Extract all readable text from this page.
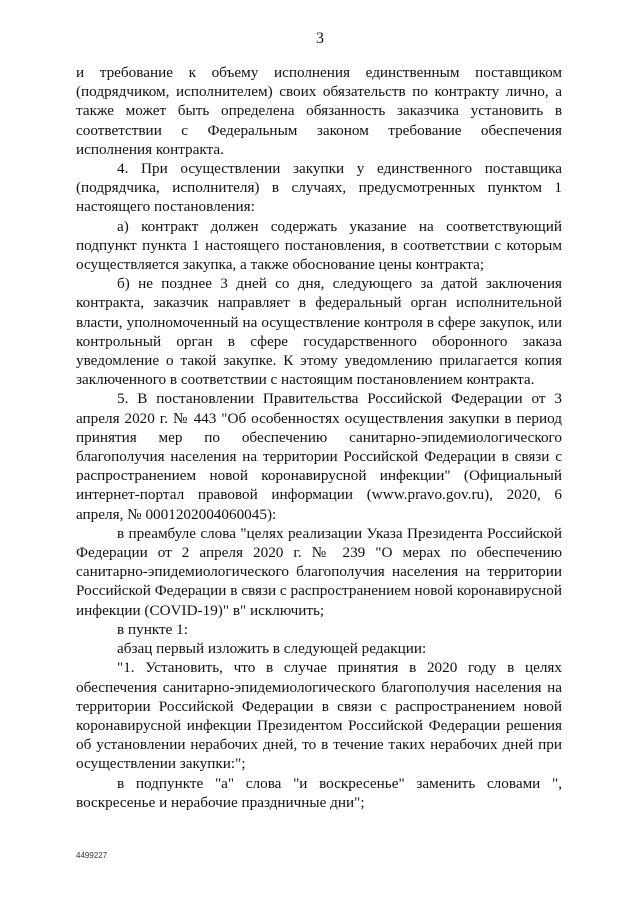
3

и требование к объему исполнения единственным поставщиком (подрядчиком, исполнителем) своих обязательств по контракту лично, а также может быть определена обязанность заказчика установить в соответствии с Федеральным законом требование обеспечения исполнения контракта.

4. При осуществлении закупки у единственного поставщика (подрядчика, исполнителя) в случаях, предусмотренных пунктом 1 настоящего постановления:

а) контракт должен содержать указание на соответствующий подпункт пункта 1 настоящего постановления, в соответствии с которым осуществляется закупка, а также обоснование цены контракта;

б) не позднее 3 дней со дня, следующего за датой заключения контракта, заказчик направляет в федеральный орган исполнительной власти, уполномоченный на осуществление контроля в сфере закупок, или контрольный орган в сфере государственного оборонного заказа уведомление о такой закупке. К этому уведомлению прилагается копия заключенного в соответствии с настоящим постановлением контракта.

5. В постановлении Правительства Российской Федерации от 3 апреля 2020 г. № 443 "Об особенностях осуществления закупки в период принятия мер по обеспечению санитарно-эпидемиологического благополучия населения на территории Российской Федерации в связи с распространением новой коронавирусной инфекции" (Официальный интернет-портал правовой информации (www.pravo.gov.ru), 2020, 6 апреля, № 0001202004060045):

в преамбуле слова "целях реализации Указа Президента Российской Федерации от 2 апреля 2020 г. № 239 "О мерах по обеспечению санитарно-эпидемиологического благополучия населения на территории Российской Федерации в связи с распространением новой коронавирусной инфекции (COVID-19)" в" исключить;

в пункте 1:

абзац первый изложить в следующей редакции:

"1. Установить, что в случае принятия в 2020 году в целях обеспечения санитарно-эпидемиологического благополучия населения на территории Российской Федерации в связи с распространением новой коронавирусной инфекции Президентом Российской Федерации решения об установлении нерабочих дней, то в течение таких нерабочих дней при осуществлении закупки:";

в подпункте "а" слова "и воскресенье" заменить словами ", воскресенье и нерабочие праздничные дни";

4499227
